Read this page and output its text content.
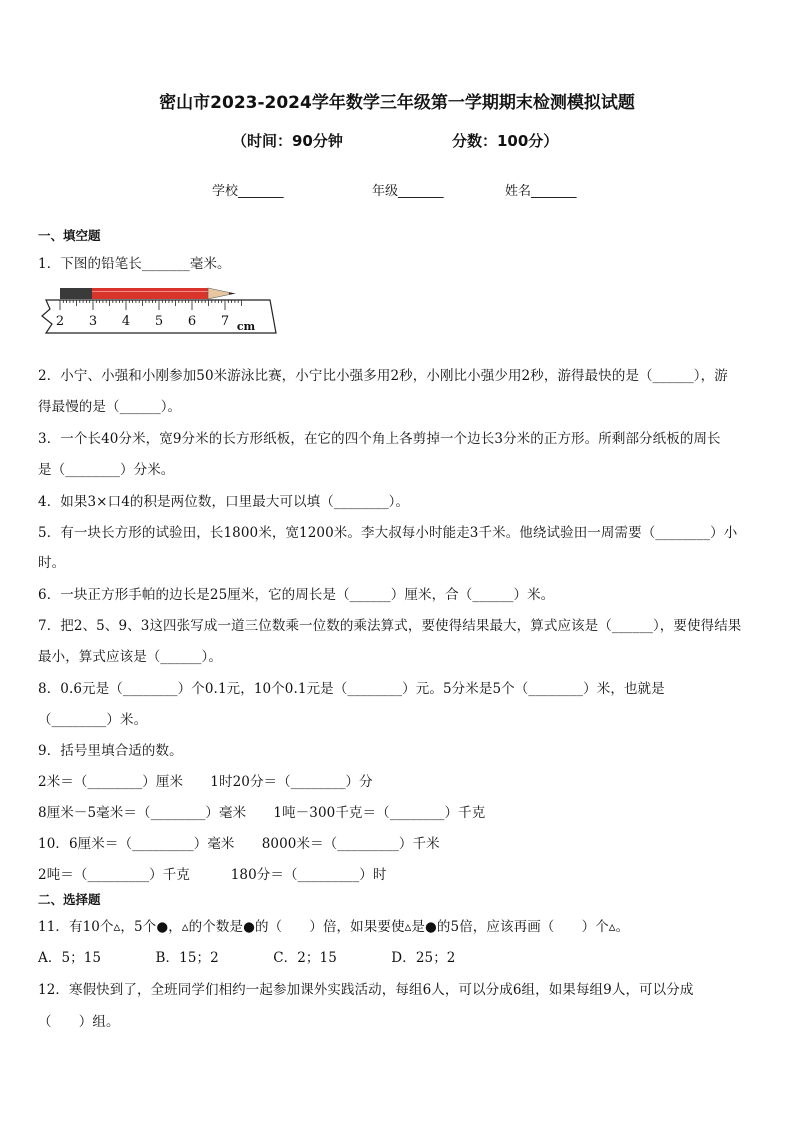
密山市2023-2024学年数学三年级第一学期期末检测模拟试题
（时间：90分钟	分数：100分）
学校_______	年级_______	姓名_______
一、填空题
1．下图的铅笔长_______毫米。
2 3 4 5 6 7 cm
2．小宁、小强和小刚参加50米游泳比赛，小宁比小强多用2秒，小刚比小强少用2秒，游得最快的是（______），游
得最慢的是（______）。
3．一个长40分米，宽9分米的长方形纸板，在它的四个角上各剪掉一个边长3分米的正方形。所剩部分纸板的周长
是（________）分米。
4．如果3×口4的积是两位数，口里最大可以填（________）。
5．有一块长方形的试验田，长1800米，宽1200米。李大叔每小时能走3千米。他绕试验田一周需要（________）小
时。
6．一块正方形手帕的边长是25厘米，它的周长是（______）厘米，合（______）米。
7．把2、5、9、3这四张写成一道三位数乘一位数的乘法算式，要使得结果最大，算式应该是（______），要使得结果
最小，算式应该是（______）。
8．0.6元是（________）个0.1元，10个0.1元是（________）元。5分米是5个（________）米，也就是
（________）米。
9．括号里填合适的数。
2米＝（________）厘米　　1时20分＝（________）分
8厘米－5毫米＝（________）毫米　　1吨－300千克＝（________）千克
10．6厘米＝（_________）毫米　　8000米＝（_________）千米
2吨＝（_________）千克　　　180分＝（_________）时
二、选择题
11．有10个▵，5个●，▵的个数是●的（　　）倍，如果要使▵是●的5倍，应该再画（　　）个▵。
A．5；15　　　　B．15；2　　　　C．2；15　　　　D．25；2
12．寒假快到了，全班同学们相约一起参加课外实践活动，每组6人，可以分成6组，如果每组9人，可以分成
（　　）组。
